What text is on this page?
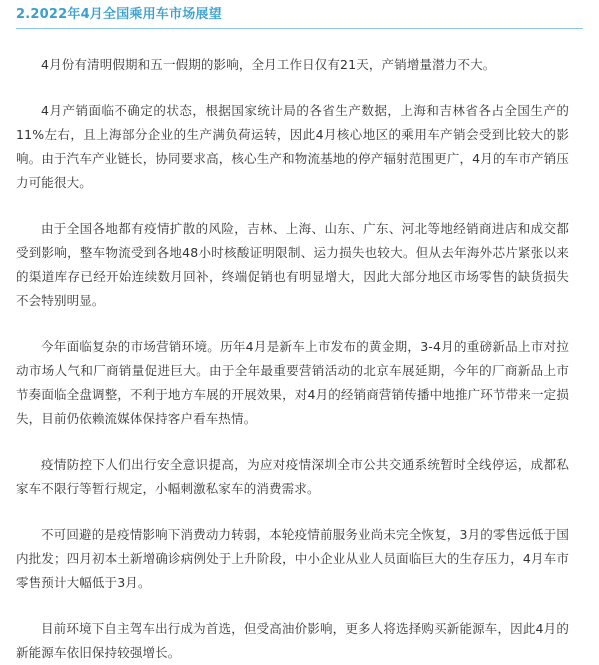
2.2022年4月全国乘用车市场展望

4月份有清明假期和五一假期的影响，全月工作日仅有21天，产销增量潜力不大。

4月产销面临不确定的状态，根据国家统计局的各省生产数据，上海和吉林省各占全国生产的11%左右，且上海部分企业的生产满负荷运转，因此4月核心地区的乘用车产销会受到比较大的影响。由于汽车产业链长，协同要求高，核心生产和物流基地的停产辐射范围更广，4月的车市产销压力可能很大。

由于全国各地都有疫情扩散的风险，吉林、上海、山东、广东、河北等地经销商进店和成交都受到影响，整车物流受到各地48小时核酸证明限制、运力损失也较大。但从去年海外芯片紧张以来的渠道库存已经开始连续数月回补，终端促销也有明显增大，因此大部分地区市场零售的缺货损失不会特别明显。

今年面临复杂的市场营销环境。历年4月是新车上市发布的黄金期，3-4月的重磅新品上市对拉动市场人气和厂商销量促进巨大。由于全年最重要营销活动的北京车展延期，今年的厂商新品上市节奏面临全盘调整，不利于地方车展的开展效果，对4月的经销商营销传播中地推广环节带来一定损失，目前仍依赖流媒体保持客户看车热情。

疫情防控下人们出行安全意识提高，为应对疫情深圳全市公共交通系统暂时全线停运，成都私家车不限行等暂行规定，小幅刺激私家车的消费需求。

不可回避的是疫情影响下消费动力转弱，本轮疫情前服务业尚未完全恢复，3月的零售远低于国内批发；四月初本土新增确诊病例处于上升阶段，中小企业从业人员面临巨大的生存压力，4月车市零售预计大幅低于3月。

目前环境下自主驾车出行成为首选，但受高油价影响，更多人将选择购买新能源车，因此4月的新能源车依旧保持较强增长。
